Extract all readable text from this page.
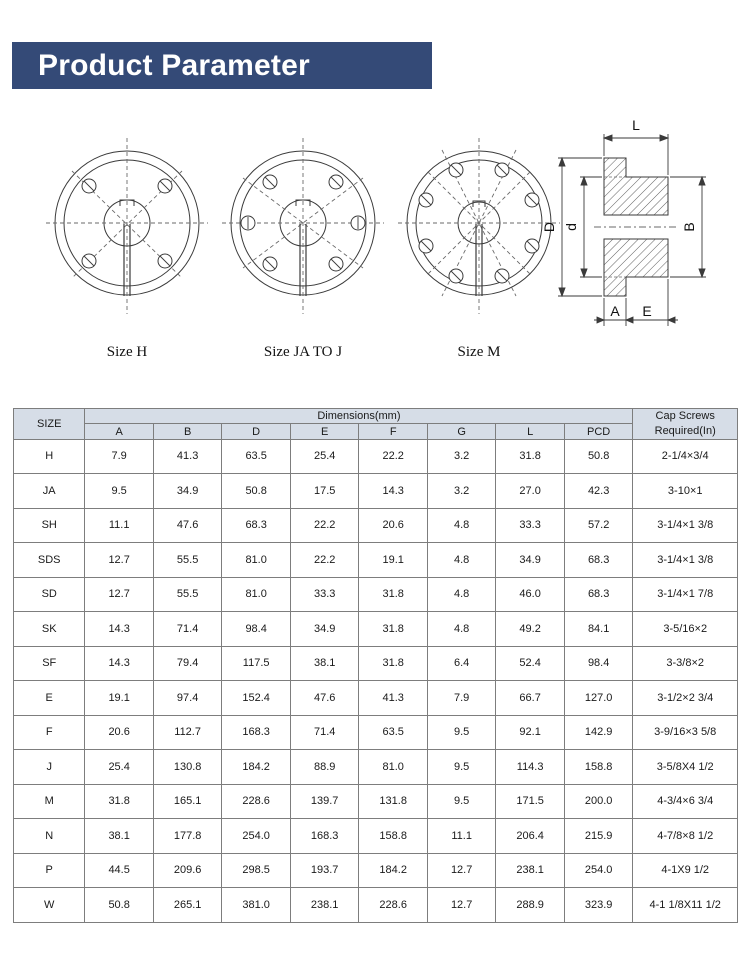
Product Parameter
Size H	Size JA TO J	Size M
L
D d	B
A E
SIZE	Dimensions(mm)								Cap Screws
Required(In)

	A	B	D	E	F	G	L	PCD	
H	7.9	41.3	63.5	25.4	22.2	3.2	31.8	50.8	2-1/4×3/4
JA	9.5	34.9	50.8	17.5	14.3	3.2	27.0	42.3	3-10×1
SH	11.1	47.6	68.3	22.2	20.6	4.8	33.3	57.2	3-1/4×1 3/8
SDS	12.7	55.5	81.0	22.2	19.1	4.8	34.9	68.3	3-1/4×1 3/8
SD	12.7	55.5	81.0	33.3	31.8	4.8	46.0	68.3	3-1/4×1 7/8
SK	14.3	71.4	98.4	34.9	31.8	4.8	49.2	84.1	3-5/16×2
SF	14.3	79.4	117.5	38.1	31.8	6.4	52.4	98.4	3-3/8×2
E	19.1	97.4	152.4	47.6	41.3	7.9	66.7	127.0	3-1/2×2 3/4
F	20.6	112.7	168.3	71.4	63.5	9.5	92.1	142.9	3-9/16×3 5/8
J	25.4	130.8	184.2	88.9	81.0	9.5	114.3	158.8	3-5/8X4 1/2
M	31.8	165.1	228.6	139.7	131.8	9.5	171.5	200.0	4-3/4×6 3/4
N	38.1	177.8	254.0	168.3	158.8	11.1	206.4	215.9	4-7/8×8 1/2
P	44.5	209.6	298.5	193.7	184.2	12.7	238.1	254.0	4-1X9 1/2
W	50.8	265.1	381.0	238.1	228.6	12.7	288.9	323.9	4-1 1/8X11 1/2
